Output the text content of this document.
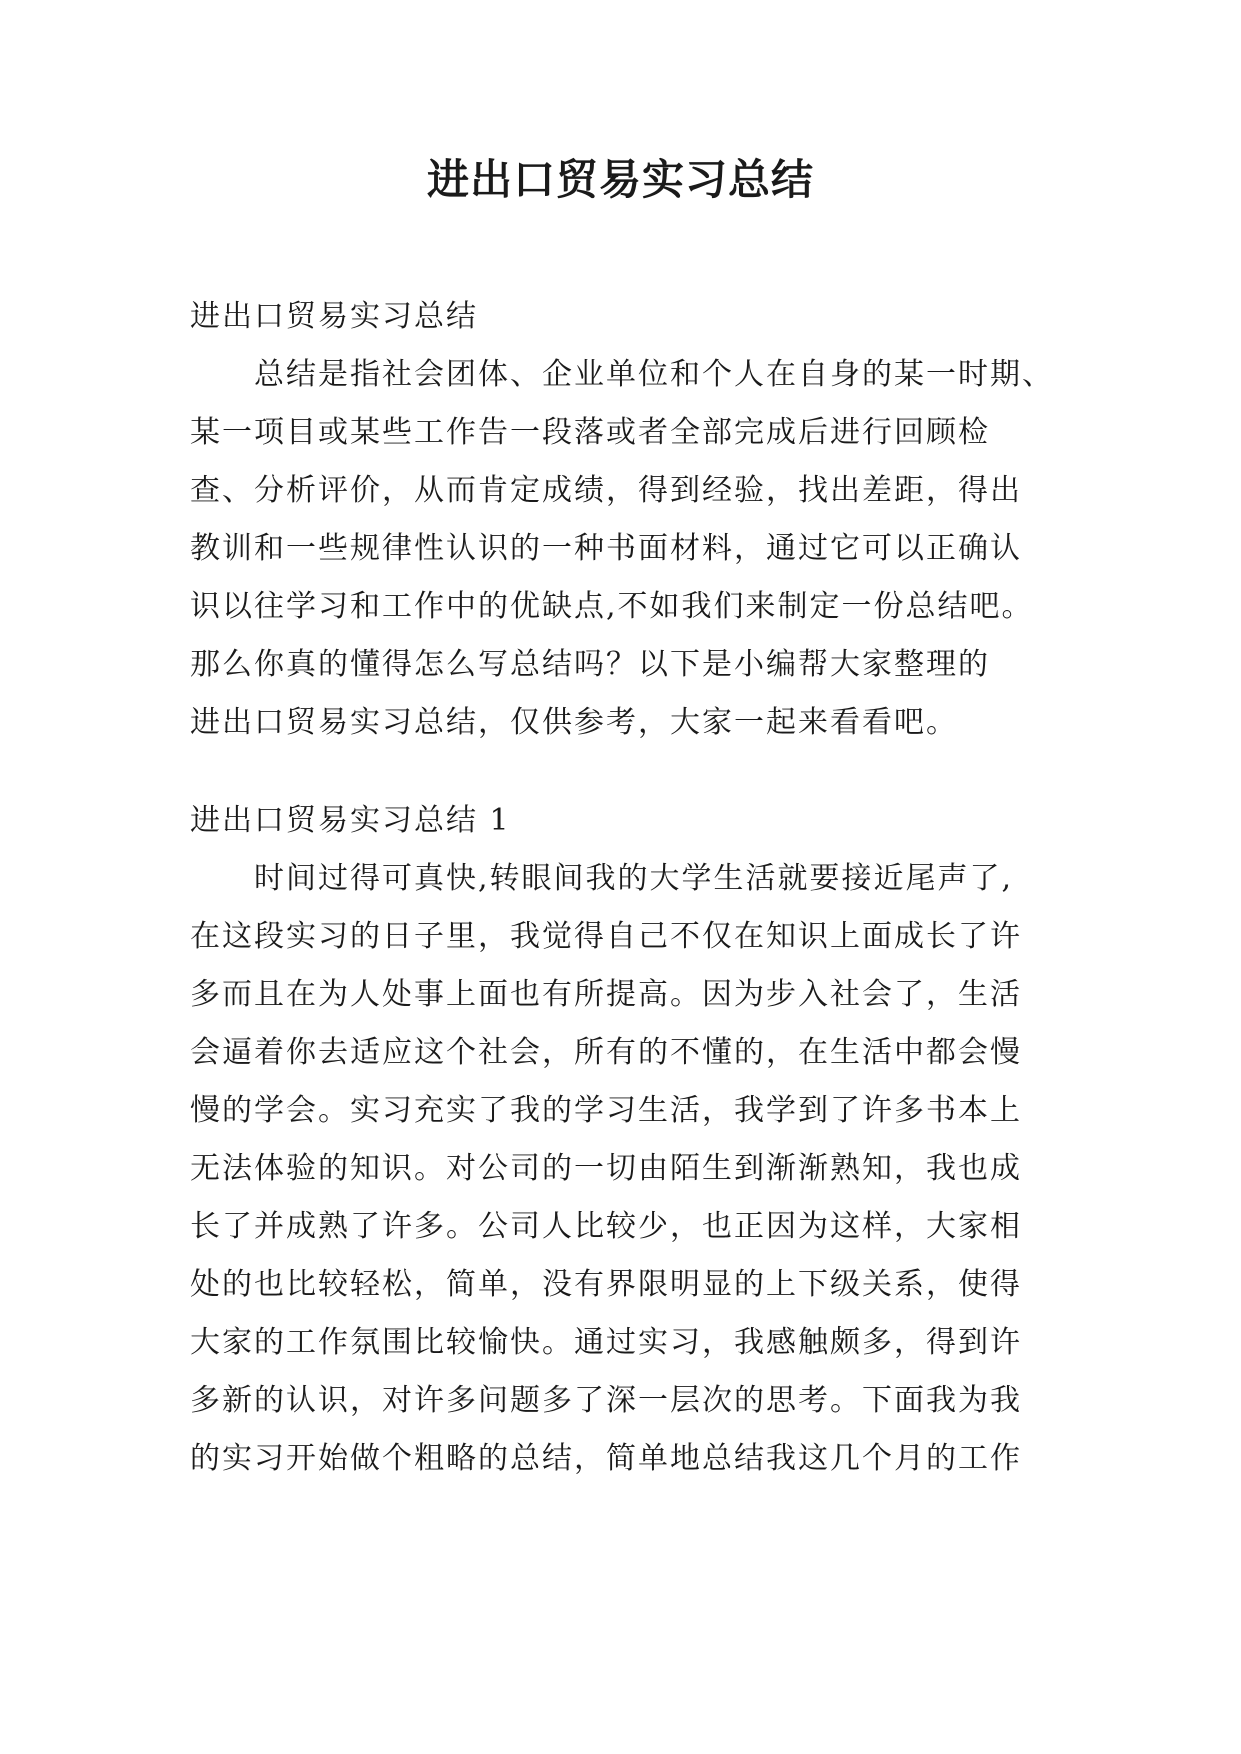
进出口贸易实习总结
进出口贸易实习总结
总结是指社会团体、企业单位和个人在自身的某一时期、
某一项目或某些工作告一段落或者全部完成后进行回顾检
查、分析评价，从而肯定成绩，得到经验，找出差距，得出
教训和一些规律性认识的一种书面材料，通过它可以正确认
识以往学习和工作中的优缺点,不如我们来制定一份总结吧。
那么你真的懂得怎么写总结吗？以下是小编帮大家整理的
进出口贸易实习总结，仅供参考，大家一起来看看吧。
进出口贸易实习总结 1
时间过得可真快,转眼间我的大学生活就要接近尾声了,
在这段实习的日子里，我觉得自己不仅在知识上面成长了许
多而且在为人处事上面也有所提高。因为步入社会了，生活
会逼着你去适应这个社会，所有的不懂的，在生活中都会慢
慢的学会。实习充实了我的学习生活，我学到了许多书本上
无法体验的知识。对公司的一切由陌生到渐渐熟知，我也成
长了并成熟了许多。公司人比较少，也正因为这样，大家相
处的也比较轻松，简单，没有界限明显的上下级关系，使得
大家的工作氛围比较愉快。通过实习，我感触颇多，得到许
多新的认识，对许多问题多了深一层次的思考。下面我为我
的实习开始做个粗略的总结，简单地总结我这几个月的工作
